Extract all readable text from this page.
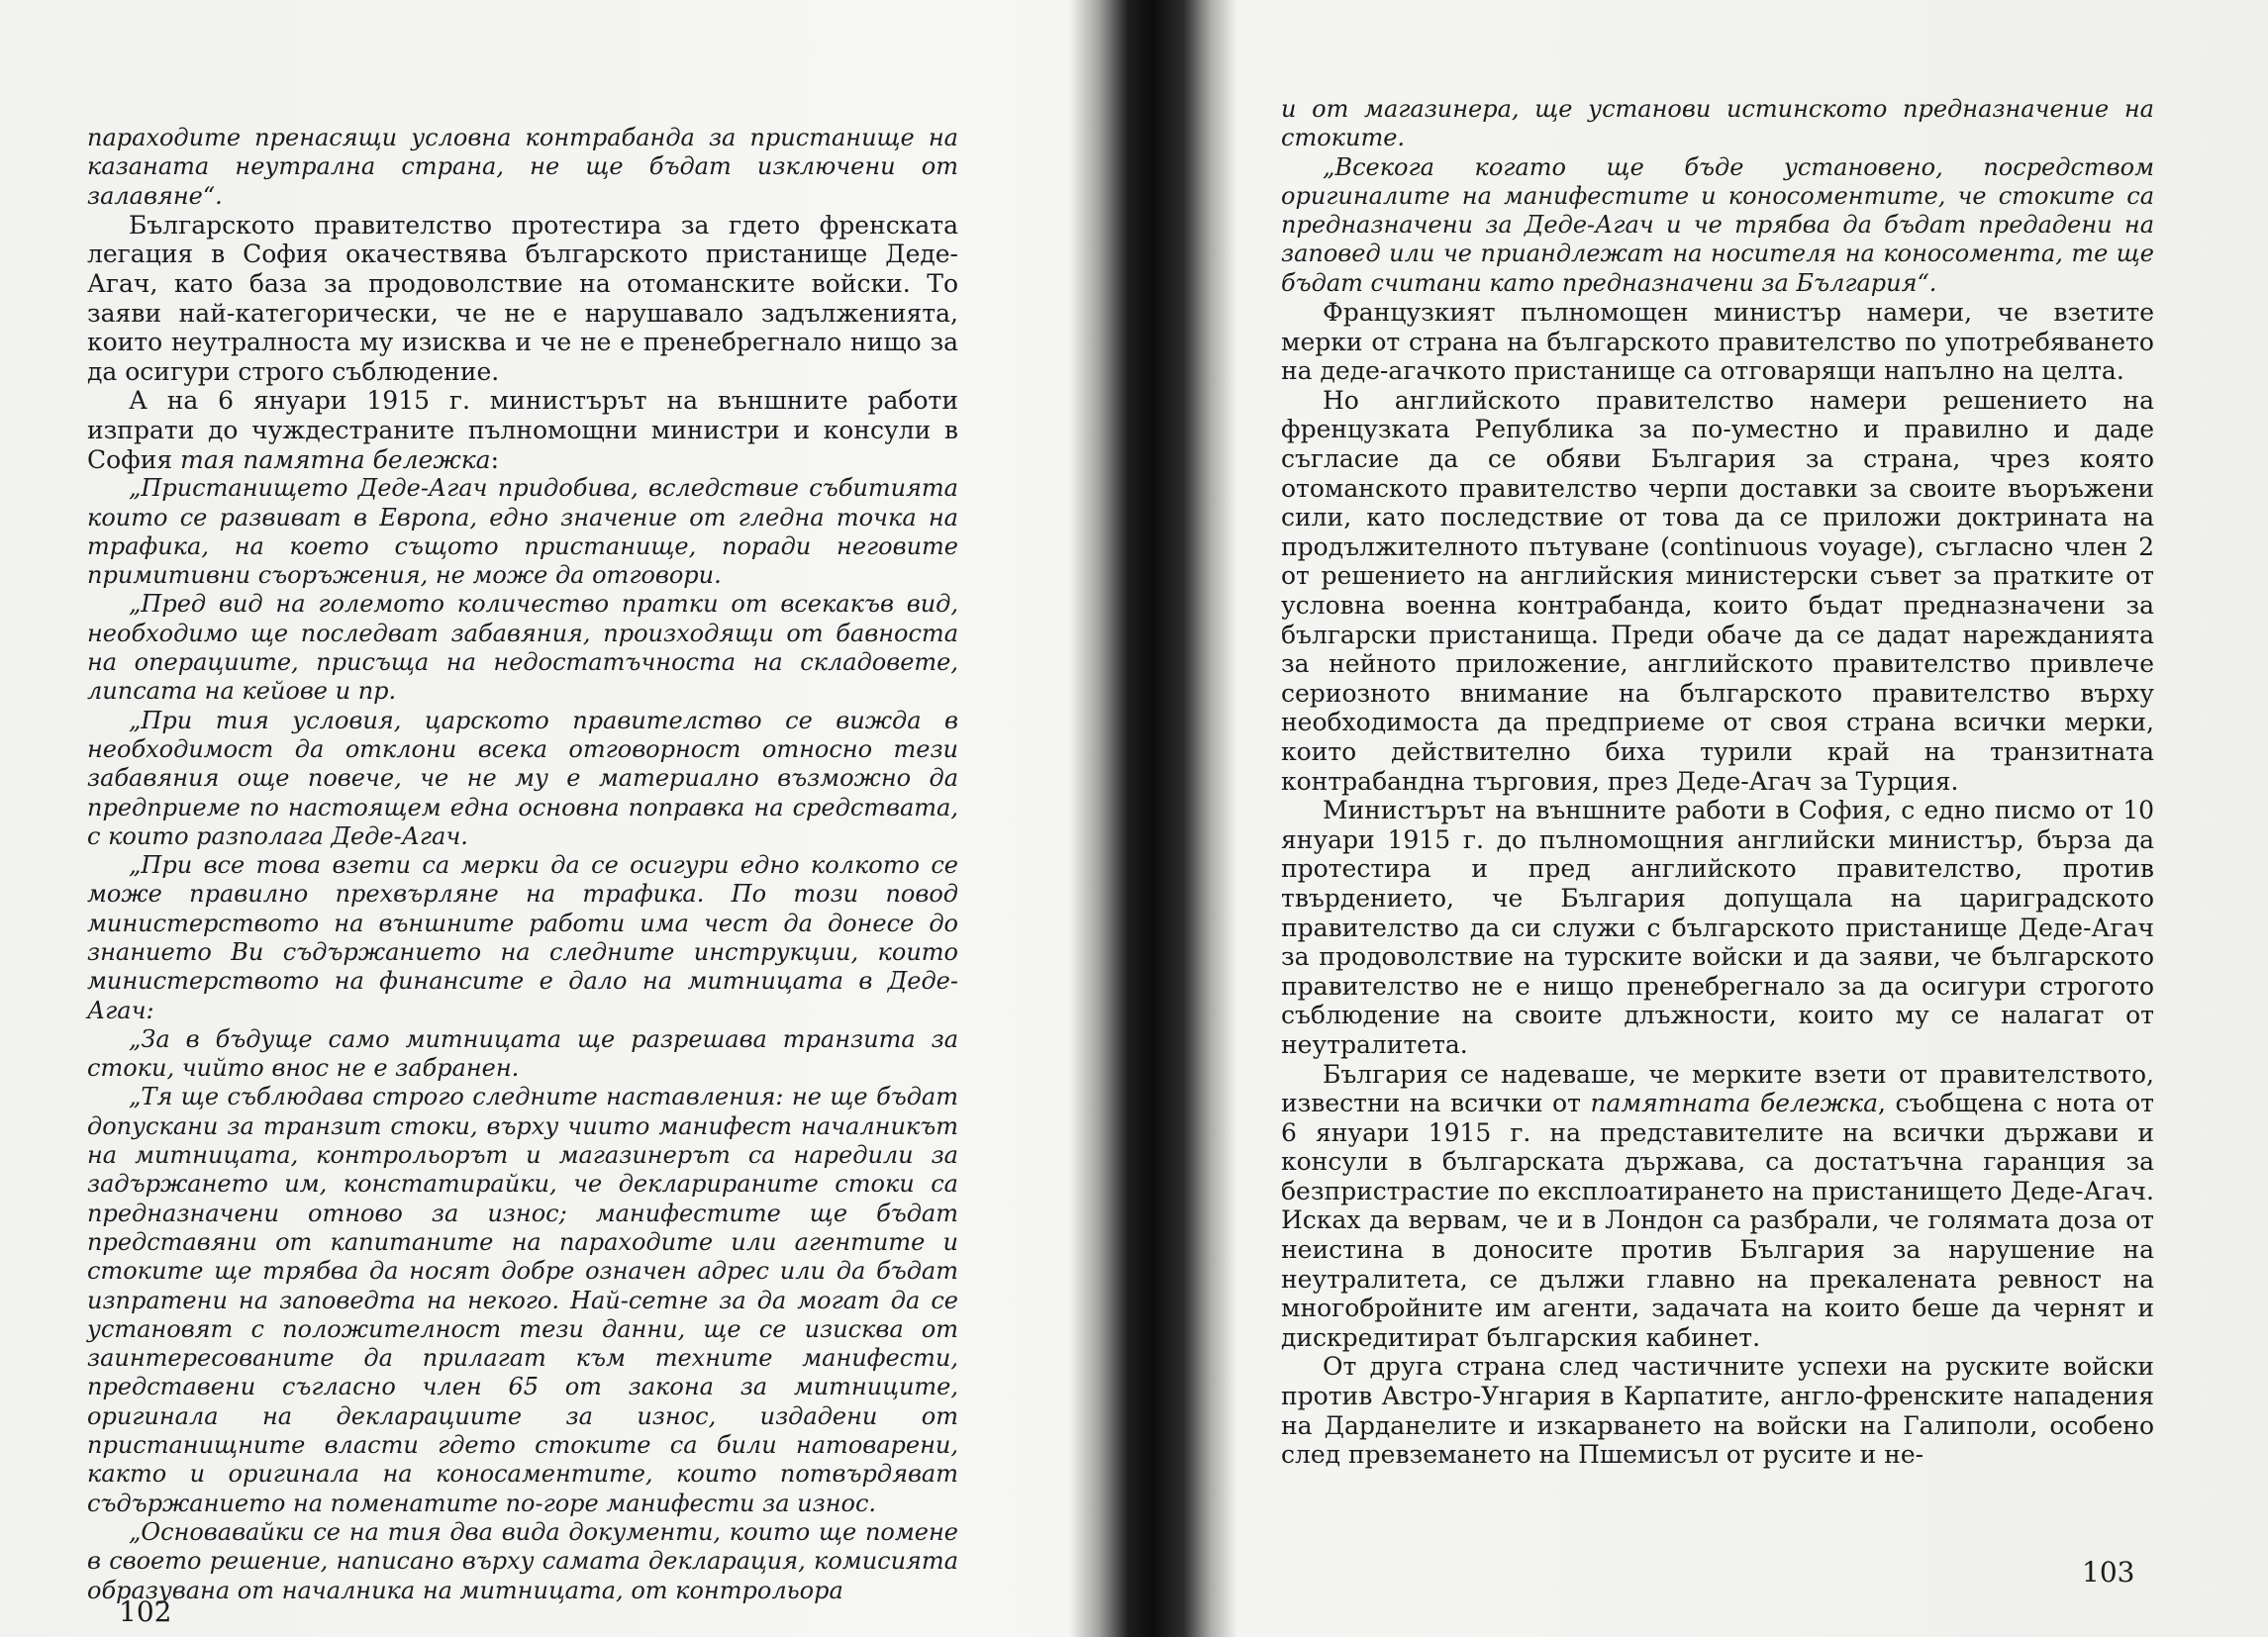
параходите пренасящи условна контрабанда за пристанище на казаната неутрална страна, не ще бъдат изключени от залавяне“.

Българското правителство протестира за гдето френската легация в София окачествява българското пристанище Деде-Агач, като база за продоволствие на отоманските войски. То заяви най-категорически, че не е нарушавало задълженията, които неутралноста му изисква и че не е пренебрегнало нищо за да осигури строго съблюдение.

А на 6 януари 1915 г. министърът на външните работи изпрати до чуждестраните пълномощни министри и консули в София тая памятна бележка:

„Пристанището Деде-Агач придобива, вследствие събитията които се развиват в Европа, едно значение от гледна точка на трафика, на което същото пристанище, поради неговите примитивни съоръжения, не може да отговори.

„Пред вид на големото количество пратки от всекакъв вид, необходимо ще последват забавяния, произходящи от бавноста на операциите, присъща на недостатъчноста на складовете, липсата на кейове и пр.

„При тия условия, царското правителство се вижда в необходимост да отклони всека отговорност относно тези забавяния още повече, че не му е материално възможно да предприеме по настоящем една основна поправка на средствата, с които разполага Деде-Агач.

„При все това взети са мерки да се осигури едно колкото се може правилно прехвърляне на трафика. По този повод министерството на външните работи има чест да донесе до знанието Ви съдържанието на следните инструкции, които министерството на финансите е дало на митницата в Деде-Агач:

„За в бъдуще само митницата ще разрешава транзита за стоки, чийто внос не е забранен.

„Тя ще съблюдава строго следните наставления: не ще бъдат допускани за транзит стоки, върху чиито манифест началникът на митницата, контрольорът и магазинерът са наредили за задържането им, констатирайки, че декларираните стоки са предназначени отново за износ; манифестите ще бъдат представяни от капитаните на параходите или агентите и стоките ще трябва да носят добре означен адрес или да бъдат изпратени на заповедта на некого. Най-сетне за да могат да се установят с положителност тези данни, ще се изисква от заинтересованите да прилагат към техните манифести, представени съгласно член 65 от закона за митниците, оригинала на декларациите за износ, издадени от пристанищните власти гдето стоките са били натоварени, както и оригинала на коносаментите, които потвърдяват съдържанието на поменатите по-горе манифести за износ.

„Основавайки се на тия два вида документи, които ще помене в своето решение, написано върху самата декларация, комисията образувана от началника на митницата, от контрольора

102

и от магазинера, ще установи истинското предназначение на стоките.

„Всекога когато ще бъде установено, посредством оригиналите на манифестите и коносоментите, че стоките са предназначени за Деде-Агач и че трябва да бъдат предадени на заповед или че приандлежат на носителя на коносомента, те ще бъдат считани като предназначени за България“.

Французкият пълномощен министър намери, че взетите мерки от страна на българското правителство по употребяването на деде-агачкото пристанище са отговарящи напълно на целта.

Но английското правителство намери решението на френцузката Република за по-уместно и правилно и даде съгласие да се обяви България за страна, чрез която отоманското правителство черпи доставки за своите въоръжени сили, като последствие от това да се приложи доктрината на продължителното пътуване (continuous voyage), съгласно член 2 от решението на английския министерски съвет за пратките от условна военна контрабанда, които бъдат предназначени за български пристанища. Преди обаче да се дадат нарежданията за нейното приложение, английското правителство привлече сериозното внимание на българското правителство върху необходимоста да предприеме от своя страна всички мерки, които действително биха турили край на транзитната контрабандна търговия, през Деде-Агач за Турция.

Министърът на външните работи в София, с едно писмо от 10 януари 1915 г. до пълномощния английски министър, бърза да протестира и пред английското правителство, против твърдението, че България допущала на цариградското правителство да си служи с българското пристанище Деде-Агач за продоволствие на турските войски и да заяви, че българското правителство не е нищо пренебрегнало за да осигури строгото съблюдение на своите длъжности, които му се налагат от неутралитета.

България се надеваше, че мерките взети от правителството, известни на всички от памятната бележка, съобщена с нота от 6 януари 1915 г. на представителите на всички държави и консули в българската държава, са достатъчна гаранция за безпристрастие по експлоатирането на пристанището Деде-Агач. Исках да вервам, че и в Лондон са разбрали, че голямата доза от неистина в доносите против България за нарушение на неутралитета, се дължи главно на прекалената ревност на многобройните им агенти, задачата на които беше да чернят и дискредитират българския кабинет.

От друга страна след частичните успехи на руските войски против Австро-Унгария в Карпатите, англо-френските нападения на Дарданелите и изкарването на войски на Галиполи, особено след превземането на Пшемисъл от русите и не-

103
